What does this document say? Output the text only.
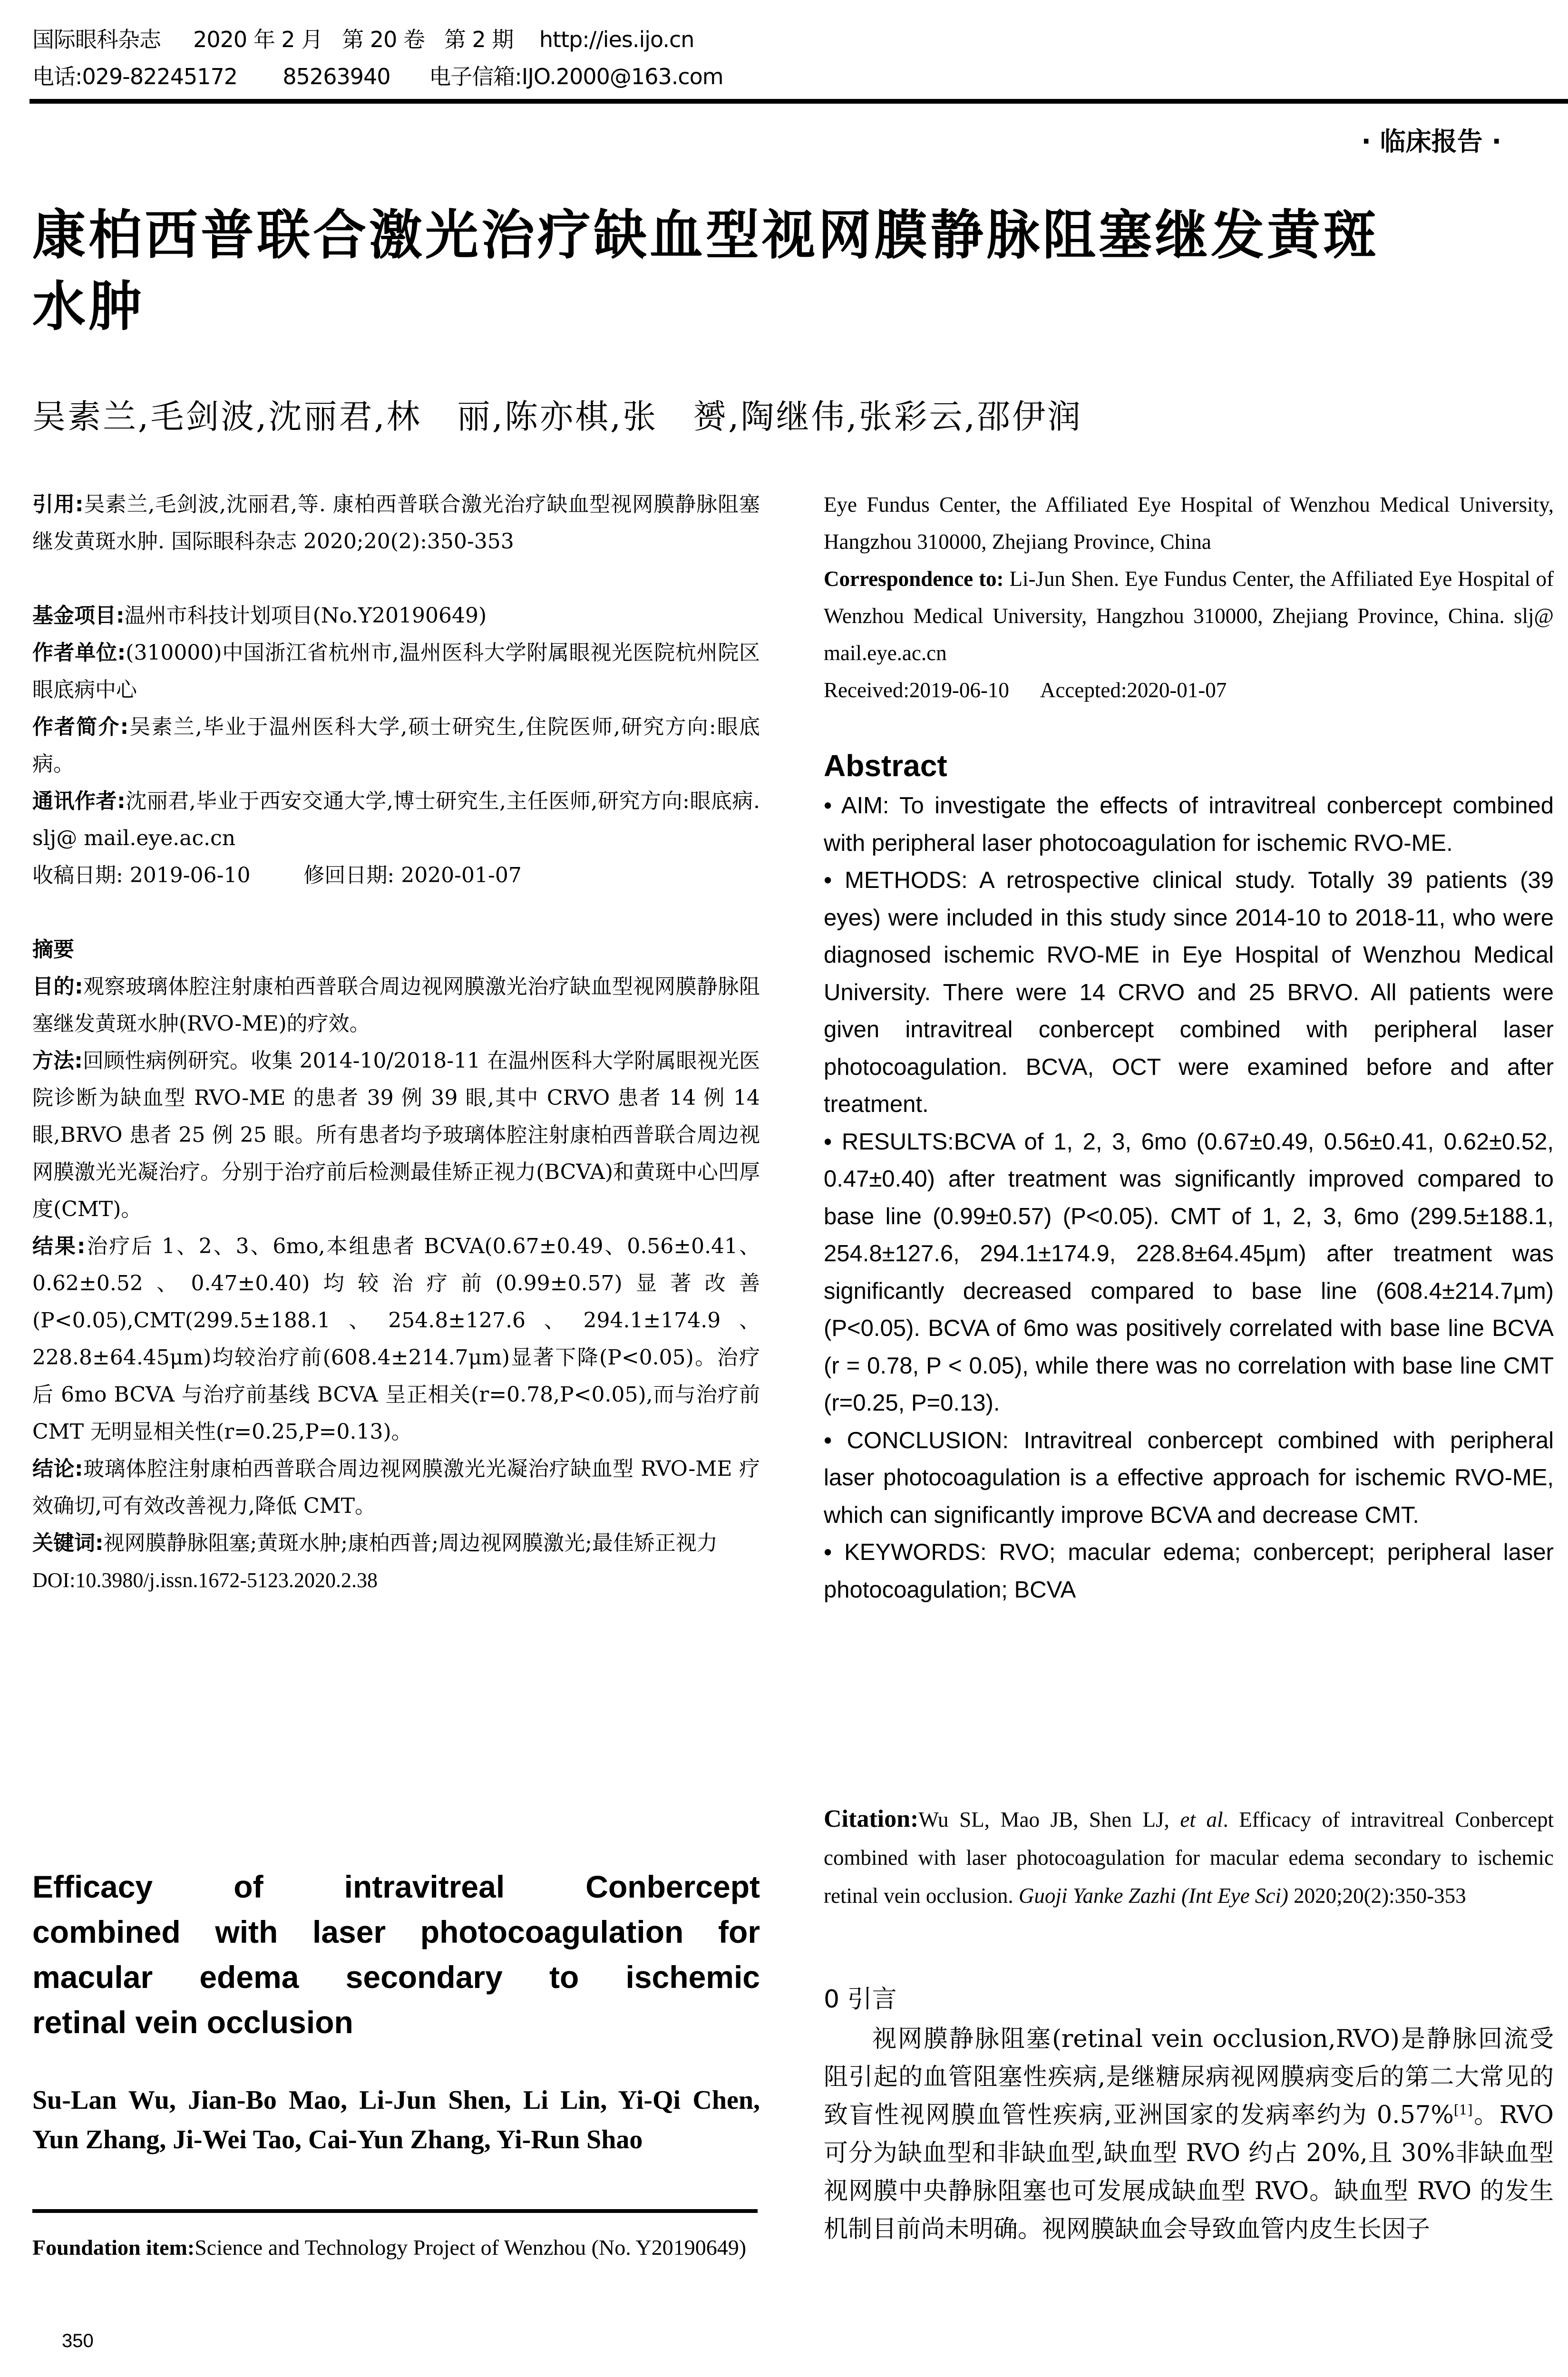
国际眼科杂志 2020 年 2 月 第 20 卷 第 2 期 http://ies.ijo.cn
电话:029-82245172 85263940 电子信箱:IJO.2000@163.com
· 临床报告 ·
康柏西普联合激光治疗缺血型视网膜静脉阻塞继发黄斑
水肿
吴素兰,毛剑波,沈丽君,林　丽,陈亦棋,张　赟,陶继伟,张彩云,邵伊润

引用:吴素兰,毛剑波,沈丽君,等. 康柏西普联合激光治疗缺血型视网膜静脉阻塞继发黄斑水肿. 国际眼科杂志 2020;20(2):350-353

基金项目:温州市科技计划项目(No.Y20190649)

作者单位:(310000)中国浙江省杭州市,温州医科大学附属眼视光医院杭州院区眼底病中心

作者简介:吴素兰,毕业于温州医科大学,硕士研究生,住院医师,研究方向:眼底病。

通讯作者:沈丽君,毕业于西安交通大学,博士研究生,主任医师,研究方向:眼底病. slj@ mail.eye.ac.cn

收稿日期: 2019-06-10	修回日期: 2020-01-07

摘要

目的:观察玻璃体腔注射康柏西普联合周边视网膜激光治疗缺血型视网膜静脉阻塞继发黄斑水肿(RVO-ME)的疗效。

方法:回顾性病例研究。收集 2014-10/2018-11 在温州医科大学附属眼视光医院诊断为缺血型 RVO-ME 的患者 39 例 39 眼,其中 CRVO 患者 14 例 14 眼,BRVO 患者 25 例 25 眼。所有患者均予玻璃体腔注射康柏西普联合周边视网膜激光光凝治疗。分别于治疗前后检测最佳矫正视力(BCVA)和黄斑中心凹厚度(CMT)。

结果:治疗后 1、2、3、6mo,本组患者 BCVA(0.67±0.49、0.56±0.41、0.62±0.52、0.47±0.40)均较治疗前(0.99±0.57)显著改善(P<0.05),CMT(299.5±188.1、254.8±127.6、294.1±174.9、228.8±64.45μm)均较治疗前(608.4±214.7μm)显著下降(P<0.05)。治疗后 6mo BCVA 与治疗前基线 BCVA 呈正相关(r=0.78,P<0.05),而与治疗前 CMT 无明显相关性(r=0.25,P=0.13)。

结论:玻璃体腔注射康柏西普联合周边视网膜激光光凝治疗缺血型 RVO-ME 疗效确切,可有效改善视力,降低 CMT。

关键词:视网膜静脉阻塞;黄斑水肿;康柏西普;周边视网膜激光;最佳矫正视力

DOI:10.3980/j.issn.1672-5123.2020.2.38

Efficacy of intravitreal Conbercept
combined with laser photocoagulation for
macular edema secondary to ischemic
retinal vein occlusion
Su-Lan Wu, Jian-Bo Mao, Li-Jun Shen, Li Lin, Yi-Qi Chen, Yun Zhang, Ji-Wei Tao, Cai-Yun Zhang, Yi-Run Shao
Foundation item:Science and Technology Project of Wenzhou (No. Y20190649)
350

Eye Fundus Center, the Affiliated Eye Hospital of Wenzhou Medical University, Hangzhou 310000, Zhejiang Province, China

Correspondence to: Li-Jun Shen. Eye Fundus Center, the Affiliated Eye Hospital of Wenzhou Medical University, Hangzhou 310000, Zhejiang Province, China. slj@ mail.eye.ac.cn

Received:2019-06-10 Accepted:2020-01-07

Abstract

• AIM: To investigate the effects of intravitreal conbercept combined with peripheral laser photocoagulation for ischemic RVO-ME.

• METHODS: A retrospective clinical study. Totally 39 patients (39 eyes) were included in this study since 2014-10 to 2018-11, who were diagnosed ischemic RVO-ME in Eye Hospital of Wenzhou Medical University. There were 14 CRVO and 25 BRVO. All patients were given intravitreal conbercept combined with peripheral laser photocoagulation. BCVA, OCT were examined before and after treatment.

• RESULTS:BCVA of 1, 2, 3, 6mo (0.67±0.49, 0.56±0.41, 0.62±0.52, 0.47±0.40) after treatment was significantly improved compared to base line (0.99±0.57) (P<0.05). CMT of 1, 2, 3, 6mo (299.5±188.1, 254.8±127.6, 294.1±174.9, 228.8±64.45μm) after treatment was significantly decreased compared to base line (608.4±214.7μm) (P<0.05). BCVA of 6mo was positively correlated with base line BCVA (r = 0.78, P < 0.05), while there was no correlation with base line CMT (r=0.25, P=0.13).

• CONCLUSION: Intravitreal conbercept combined with peripheral laser photocoagulation is a effective approach for ischemic RVO-ME, which can significantly improve BCVA and decrease CMT.

• KEYWORDS: RVO; macular edema; conbercept; peripheral laser photocoagulation; BCVA

Citation:Wu SL, Mao JB, Shen LJ, et al. Efficacy of intravitreal Conbercept combined with laser photocoagulation for macular edema secondary to ischemic retinal vein occlusion. Guoji Yanke Zazhi (Int Eye Sci) 2020;20(2):350-353
0 引言
视网膜静脉阻塞(retinal vein occlusion,RVO)是静脉回流受阻引起的血管阻塞性疾病,是继糖尿病视网膜病变后的第二大常见的致盲性视网膜血管性疾病,亚洲国家的发病率约为 0.57%[1]。RVO 可分为缺血型和非缺血型,缺血型 RVO 约占 20%,且 30%非缺血型视网膜中央静脉阻塞也可发展成缺血型 RVO。缺血型 RVO 的发生机制目前尚未明确。视网膜缺血会导致血管内皮生长因子
